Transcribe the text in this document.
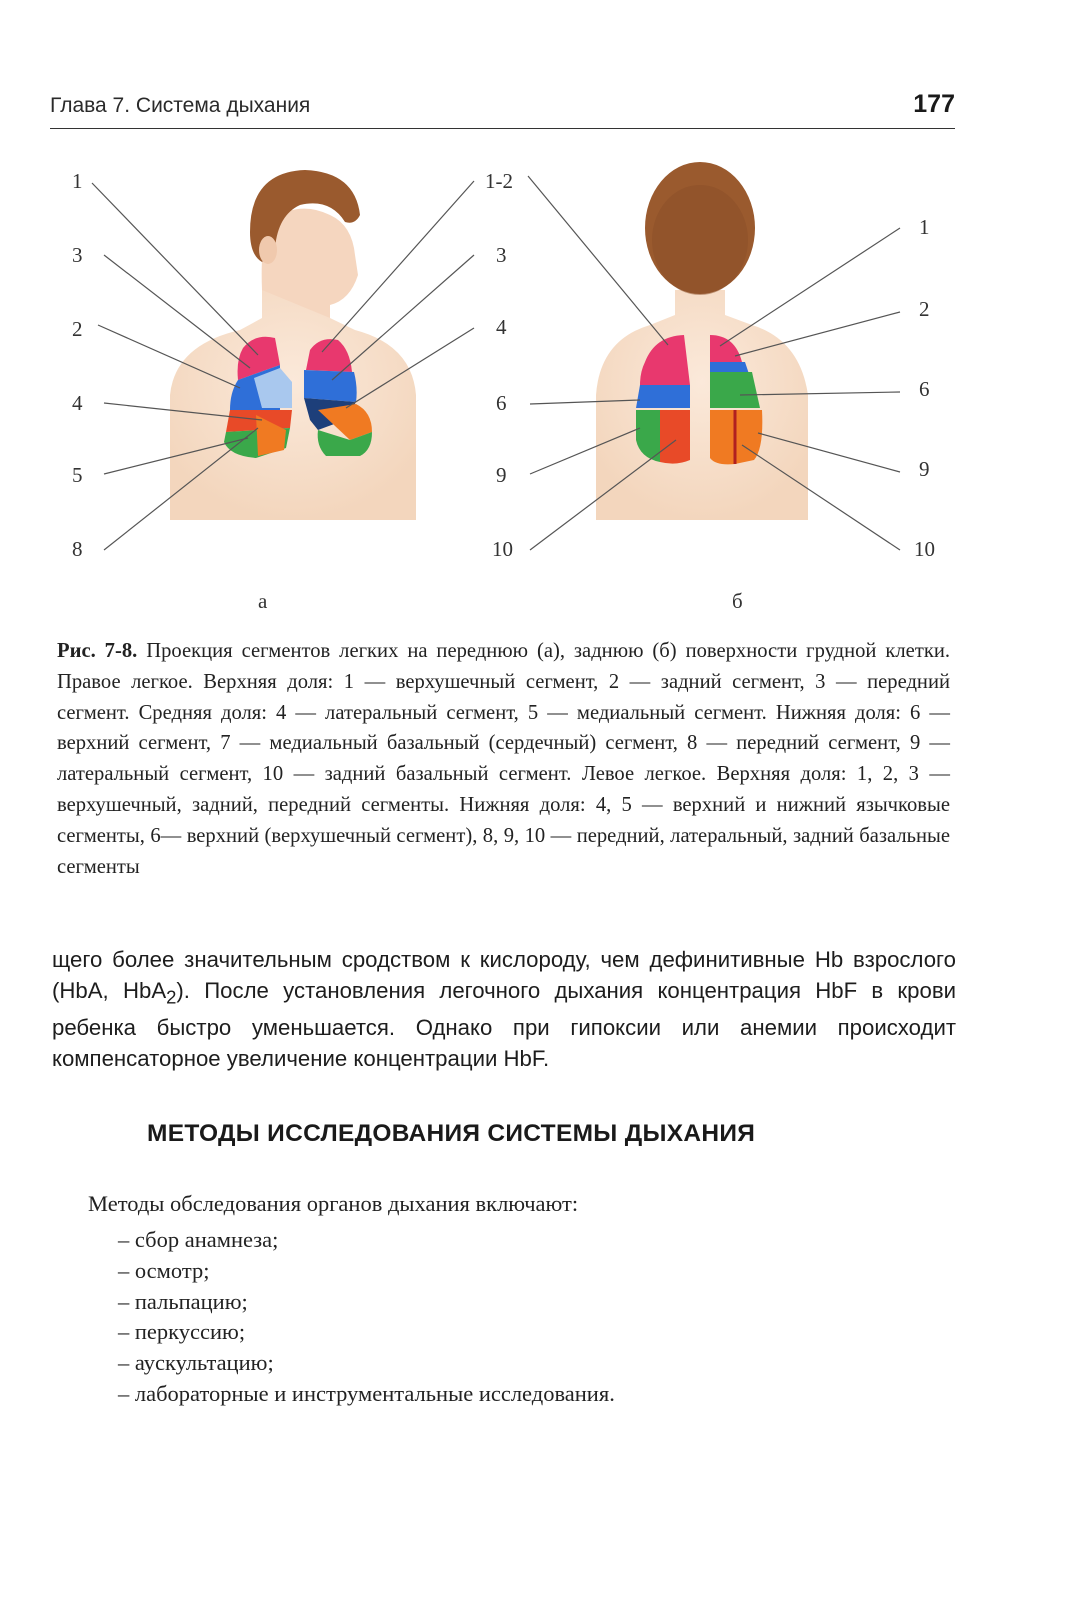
Глава 7. Система дыхания	177
1
3
2
4
5
8
1-2
3
4
6
9
10
1
2
6
9
10
а	б
Рис. 7-8. Проекция сегментов легких на переднюю (а), заднюю (б) поверхности грудной клетки. Правое легкое. Верхняя доля: 1 — верхушечный сегмент, 2 — задний сегмент, 3 — передний сегмент. Средняя доля: 4 — латеральный сегмент, 5 — медиальный сегмент. Нижняя доля: 6 — верхний сегмент, 7 — медиальный базальный (сердечный) сегмент, 8 — передний сегмент, 9 — латеральный сегмент, 10 — задний базальный сегмент. Левое легкое. Верхняя доля: 1, 2, 3 — верхушечный, задний, передний сегменты. Нижняя доля: 4, 5 — верхний и нижний язычковые сегменты, 6— верхний (верхушечный сегмент), 8, 9, 10 — передний, латеральный, задний базальные сегменты
щего более значительным сродством к кислороду, чем дефинитивные Hb взрослого (HbA, HbA$_2$). После установления легочного дыхания концентрация HbF в крови ребенка быстро уменьшается. Однако при гипоксии или анемии происходит компенсаторное увеличение концентрации HbF.
МЕТОДЫ ИССЛЕДОВАНИЯ СИСТЕМЫ ДЫХАНИЯ
Методы обследования органов дыхания включают:
– сбор анамнеза;
– осмотр;
– пальпацию;
– перкуссию;
– аускультацию;
– лабораторные и инструментальные исследования.
